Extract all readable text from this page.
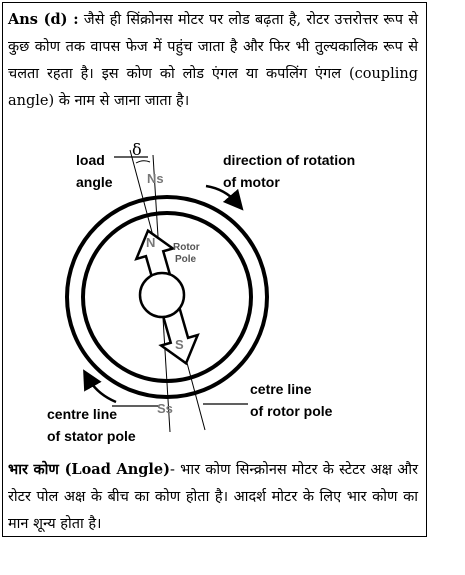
Ans (d) : जैसे ही सिंक्रोनस मोटर पर लोड बढ़ता है, रोटर उत्तरोत्तर रूप से कुछ कोण तक वापस फेज में पहुंच जाता है और फिर भी तुल्यकालिक रूप से चलता रहता है। इस कोण को लोड एंगल या कपलिंग एंगल (coupling angle) के नाम से जाना जाता है।
δ
Ns
N Rotor
Pole
S
Ss
load
angle
direction of rotation
of motor
centre line
of stator pole
cetre line
of rotor pole
भार कोण (Load Angle)- भार कोण सिन्क्रोनस मोटर के स्टेटर अक्ष और रोटर पोल अक्ष के बीच का कोण होता है। आदर्श मोटर के लिए भार कोण का मान शून्य होता है।
